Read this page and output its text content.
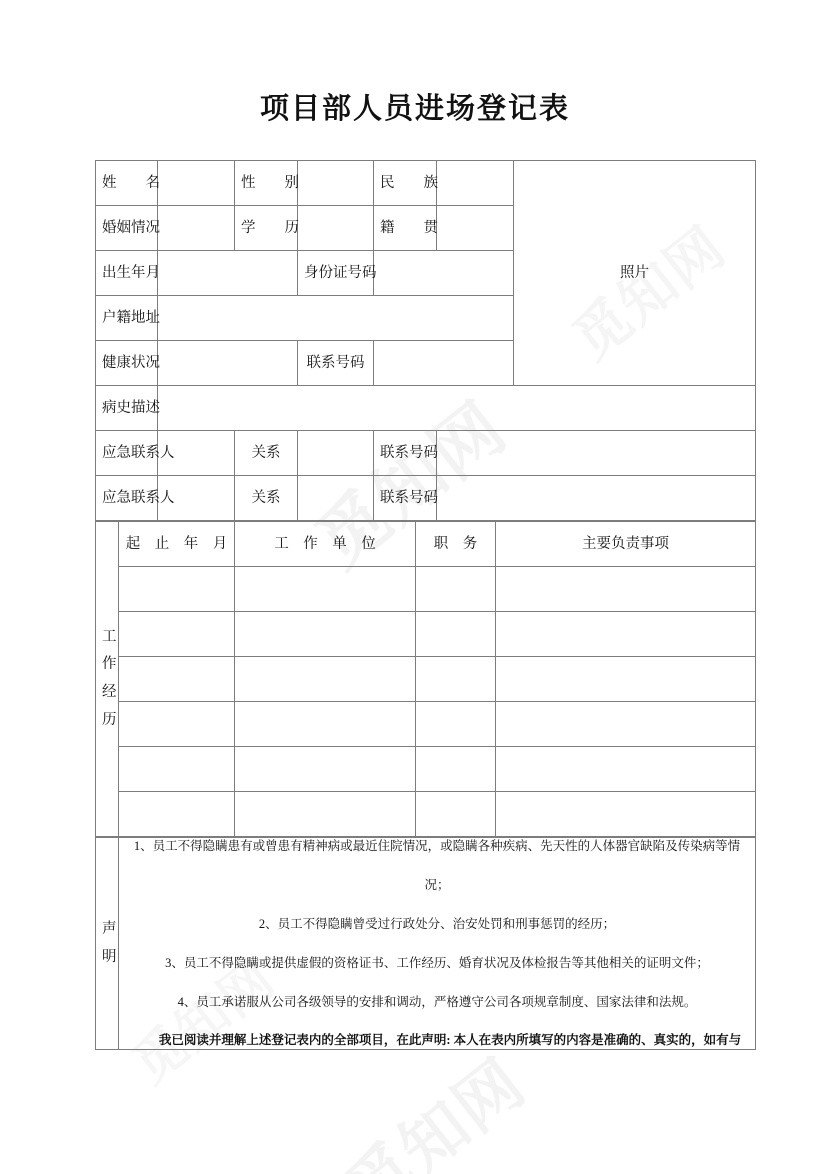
项目部人员进场登记表
姓　　名		性　　别		民　　族		照片
婚姻情况		学　　历		籍　　贯		
出生年月			身份证号码			
户籍地址						
健康状况			联系号码			
病史描述						
应急联系人		关系		联系号码		
应急联系人		关系		联系号码		
工
作
经
历	起　止　年　月	工　作　单　位	职　务	主要负责事项

声
明

1、员工不得隐瞒患有或曾患有精神病或最近住院情况，或隐瞒各种疾病、先天性的人体器官缺陷及传染病等情

况；

2、员工不得隐瞒曾受过行政处分、治安处罚和刑事惩罚的经历；

3、员工不得隐瞒或提供虚假的资格证书、工作经历、婚育状况及体检报告等其他相关的证明文件；

4、员工承诺服从公司各级领导的安排和调动，严格遵守公司各项规章制度、国家法律和法规。

我已阅读并理解上述登记表内的全部项目，在此声明: 本人在表内所填写的内容是准确的、真实的，如有与
